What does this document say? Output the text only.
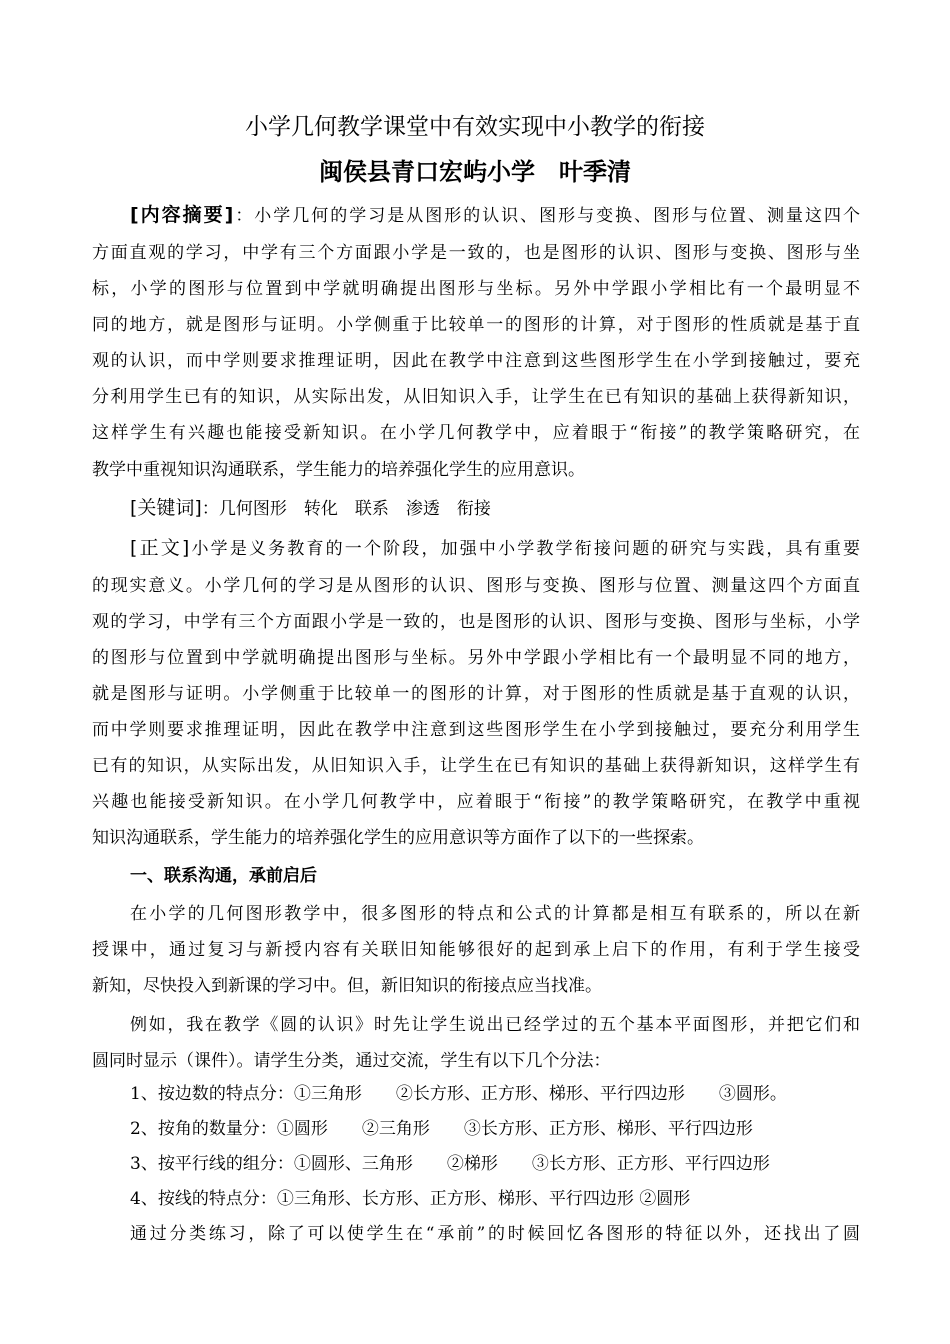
小学几何教学课堂中有效实现中小教学的衔接
闽侯县青口宏屿小学　叶季清
[内容摘要]：小学几何的学习是从图形的认识、图形与变换、图形与位置、测量这四个
方面直观的学习，中学有三个方面跟小学是一致的，也是图形的认识、图形与变换、图形与坐
标，小学的图形与位置到中学就明确提出图形与坐标。另外中学跟小学相比有一个最明显不
同的地方，就是图形与证明。小学侧重于比较单一的图形的计算，对于图形的性质就是基于直
观的认识，而中学则要求推理证明，因此在教学中注意到这些图形学生在小学到接触过，要充
分利用学生已有的知识，从实际出发，从旧知识入手，让学生在已有知识的基础上获得新知识，
这样学生有兴趣也能接受新知识。在小学几何教学中，应着眼于“衔接”的教学策略研究，在
教学中重视知识沟通联系，学生能力的培养强化学生的应用意识。
[关键词]：几何图形　转化　联系　渗透　衔接
[正文]小学是义务教育的一个阶段，加强中小学教学衔接问题的研究与实践，具有重要
的现实意义。小学几何的学习是从图形的认识、图形与变换、图形与位置、测量这四个方面直
观的学习，中学有三个方面跟小学是一致的，也是图形的认识、图形与变换、图形与坐标，小学
的图形与位置到中学就明确提出图形与坐标。另外中学跟小学相比有一个最明显不同的地方，
就是图形与证明。小学侧重于比较单一的图形的计算，对于图形的性质就是基于直观的认识，
而中学则要求推理证明，因此在教学中注意到这些图形学生在小学到接触过，要充分利用学生
已有的知识，从实际出发，从旧知识入手，让学生在已有知识的基础上获得新知识，这样学生有
兴趣也能接受新知识。在小学几何教学中，应着眼于“衔接”的教学策略研究，在教学中重视
知识沟通联系，学生能力的培养强化学生的应用意识等方面作了以下的一些探索。
一、联系沟通，承前启后
在小学的几何图形教学中，很多图形的特点和公式的计算都是相互有联系的，所以在新
授课中，通过复习与新授内容有关联旧知能够很好的起到承上启下的作用，有利于学生接受
新知，尽快投入到新课的学习中。但，新旧知识的衔接点应当找准。
例如，我在教学《圆的认识》时先让学生说出已经学过的五个基本平面图形，并把它们和
圆同时显示（课件）。请学生分类，通过交流，学生有以下几个分法：
1、按边数的特点分：①三角形　　②长方形、正方形、梯形、平行四边形　　③圆形。
2、按角的数量分：①圆形　　②三角形　　③长方形、正方形、梯形、平行四边形
3、按平行线的组分：①圆形、三角形　　②梯形　　③长方形、正方形、平行四边形
4、按线的特点分：①三角形、长方形、正方形、梯形、平行四边形 ②圆形
通过分类练习，除了可以使学生在“承前”的时候回忆各图形的特征以外，还找出了圆
